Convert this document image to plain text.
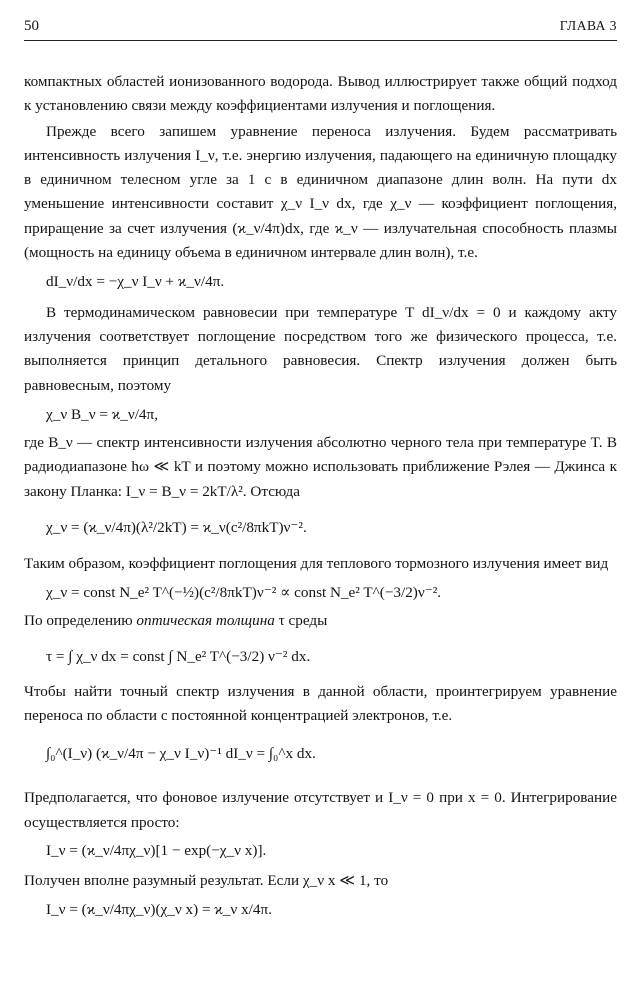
50	ГЛАВА 3

компактных областей ионизованного водорода. Вывод иллюстрирует также общий подход к установлению связи между коэффициентами излучения и поглощения.

Прежде всего запишем уравнение переноса излучения. Будем рассматривать интенсивность излучения I_ν, т.е. энергию излучения, падающего на единичную площадку в единичном телесном угле за 1 с в единичном диапазоне длин волн. На пути dx уменьшение интенсивности составит χ_ν I_ν dx, где χ_ν — коэффициент поглощения, приращение за счет излучения (ϰ_ν/4π)dx, где ϰ_ν — излучательная способность плазмы (мощность на единицу объема в единичном интервале длин волн), т.е.

dI_ν/dx = −χ_ν I_ν + ϰ_ν/4π.

В термодинамическом равновесии при температуре T dI_ν/dx = 0 и каждому акту излучения соответствует поглощение посредством того же физического процесса, т.е. выполняется принцип детального равновесия. Спектр излучения должен быть равновесным, поэтому

χ_ν B_ν = ϰ_ν/4π,

где B_ν — спектр интенсивности излучения абсолютно черного тела при температуре T. В радиодиапазоне hω ≪ kT и поэтому можно использовать приближение Рэлея — Джинса к закону Планка: I_ν = B_ν = 2kT/λ². Отсюда

χ_ν = (ϰ_ν/4π)(λ²/2kT) = ϰ_ν(c²/8πkT)ν⁻².

Таким образом, коэффициент поглощения для теплового тормозного излучения имеет вид

χ_ν = const N_e² T^(−½)(c²/8πkT)ν⁻² ∝ const N_e² T^(−3/2)ν⁻².

По определению оптическая толщина τ среды

τ = ∫ χ_ν dx = const ∫ N_e² T^(−3/2) ν⁻² dx.

Чтобы найти точный спектр излучения в данной области, проинтегрируем уравнение переноса по области с постоянной концентрацией электронов, т.е.

∫₀^(I_ν) (ϰ_ν/4π − χ_ν I_ν)⁻¹ dI_ν = ∫₀^x dx.

Предполагается, что фоновое излучение отсутствует и I_ν = 0 при x = 0. Интегрирование осуществляется просто:

I_ν = (ϰ_ν/4πχ_ν)[1 − exp(−χ_ν x)].

Получен вполне разумный результат. Если χ_ν x ≪ 1, то

I_ν = (ϰ_ν/4πχ_ν)(χ_ν x) = ϰ_ν x/4π.
